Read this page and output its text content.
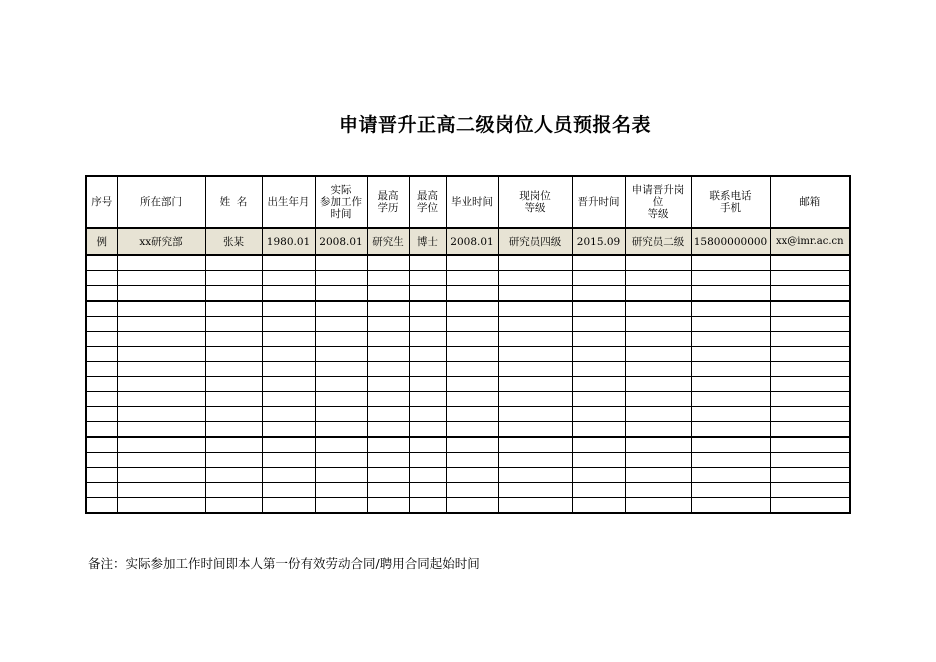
申请晋升正高二级岗位人员预报名表
序号	所在部门	姓  名	出生年月	实际
参加工作
时间	最高
学历	最高
学位	毕业时间	现岗位
等级	晋升时间	申请晋升岗
位
等级	联系电话
手机	邮箱
例	xx研究部	张某	1980.01	2008.01	研究生	博士	2008.01	研究员四级	2015.09	研究员二级	15800000000	xx@imr.ac.cn

备注：实际参加工作时间即本人第一份有效劳动合同/聘用合同起始时间
